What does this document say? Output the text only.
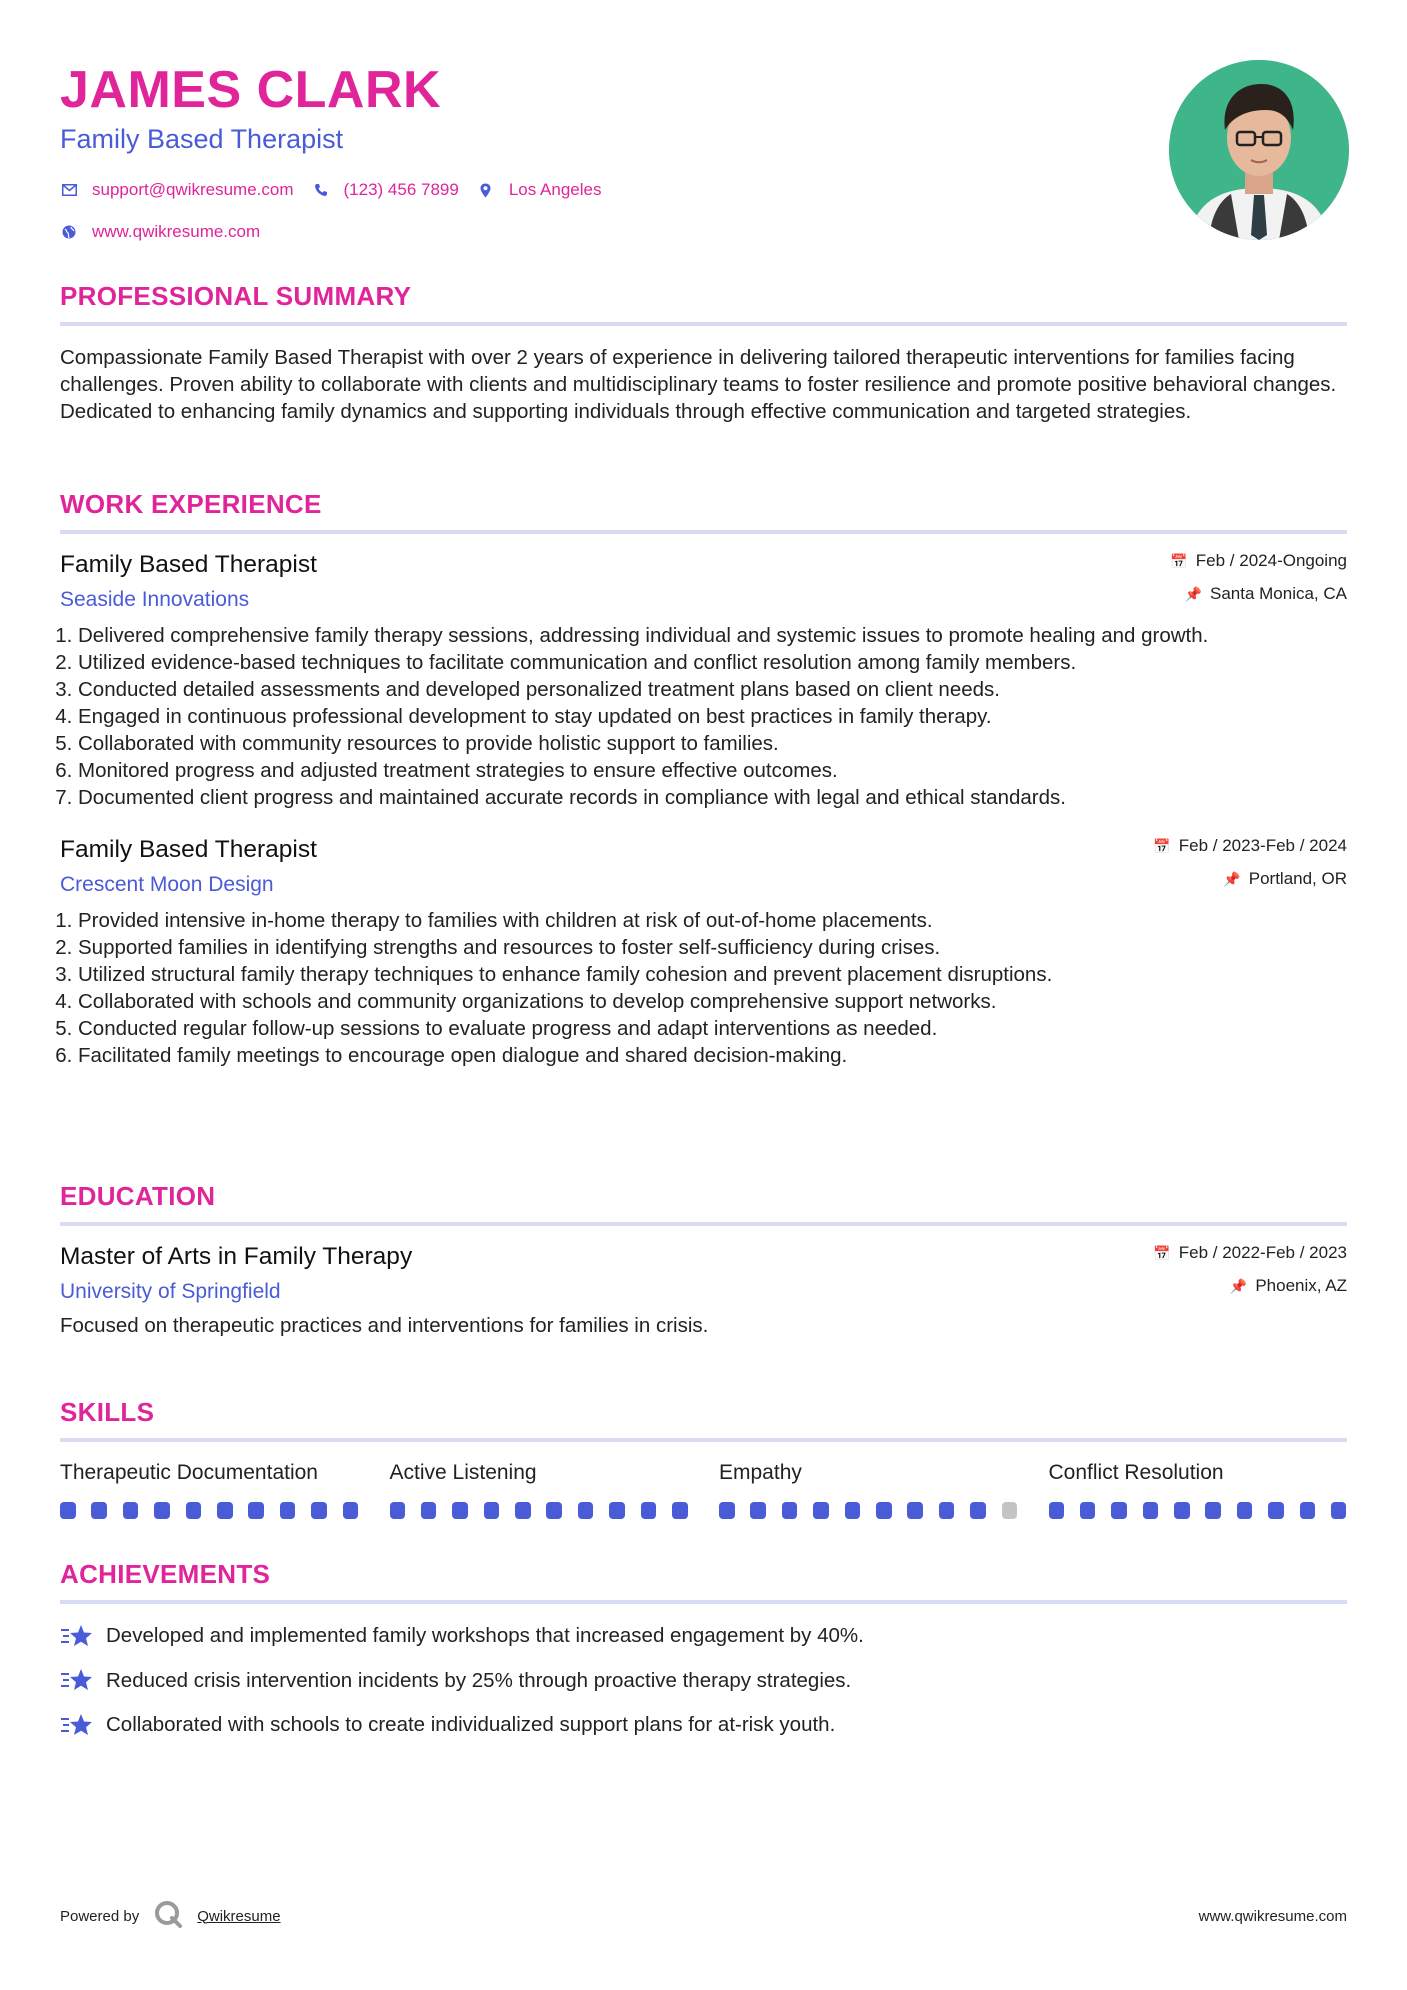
JAMES CLARK
Family Based Therapist
support@qwikresume.com	(123) 456 7899	Los Angeles
www.qwikresume.com
PROFESSIONAL SUMMARY

Compassionate Family Based Therapist with over 2 years of experience in delivering tailored therapeutic interventions for families facing challenges. Proven ability to collaborate with clients and multidisciplinary teams to foster resilience and promote positive behavioral changes. Dedicated to enhancing family dynamics and supporting individuals through effective communication and targeted strategies.

WORK EXPERIENCE
Family Based Therapist
Seaside Innovations
📅 Feb / 2024-Ongoing
📌 Santa Monica, CA
1. Delivered comprehensive family therapy sessions, addressing individual and systemic issues to promote healing and growth.
2. Utilized evidence-based techniques to facilitate communication and conflict resolution among family members.
3. Conducted detailed assessments and developed personalized treatment plans based on client needs.
4. Engaged in continuous professional development to stay updated on best practices in family therapy.
5. Collaborated with community resources to provide holistic support to families.
6. Monitored progress and adjusted treatment strategies to ensure effective outcomes.
7. Documented client progress and maintained accurate records in compliance with legal and ethical standards.
Family Based Therapist
Crescent Moon Design
📅 Feb / 2023-Feb / 2024
📌 Portland, OR
1. Provided intensive in-home therapy to families with children at risk of out-of-home placements.
2. Supported families in identifying strengths and resources to foster self-sufficiency during crises.
3. Utilized structural family therapy techniques to enhance family cohesion and prevent placement disruptions.
4. Collaborated with schools and community organizations to develop comprehensive support networks.
5. Conducted regular follow-up sessions to evaluate progress and adapt interventions as needed.
6. Facilitated family meetings to encourage open dialogue and shared decision-making.
EDUCATION
Master of Arts in Family Therapy
University of Springfield
📅 Feb / 2022-Feb / 2023
📌 Phoenix, AZ

Focused on therapeutic practices and interventions for families in crisis.

SKILLS
Therapeutic Documentation	Active Listening	Empathy	Conflict Resolution
ACHIEVEMENTS
Developed and implemented family workshops that increased engagement by 40%.
Reduced crisis intervention incidents by 25% through proactive therapy strategies.
Collaborated with schools to create individualized support plans for at-risk youth.
Powered by	Qwikresume	www.qwikresume.com
